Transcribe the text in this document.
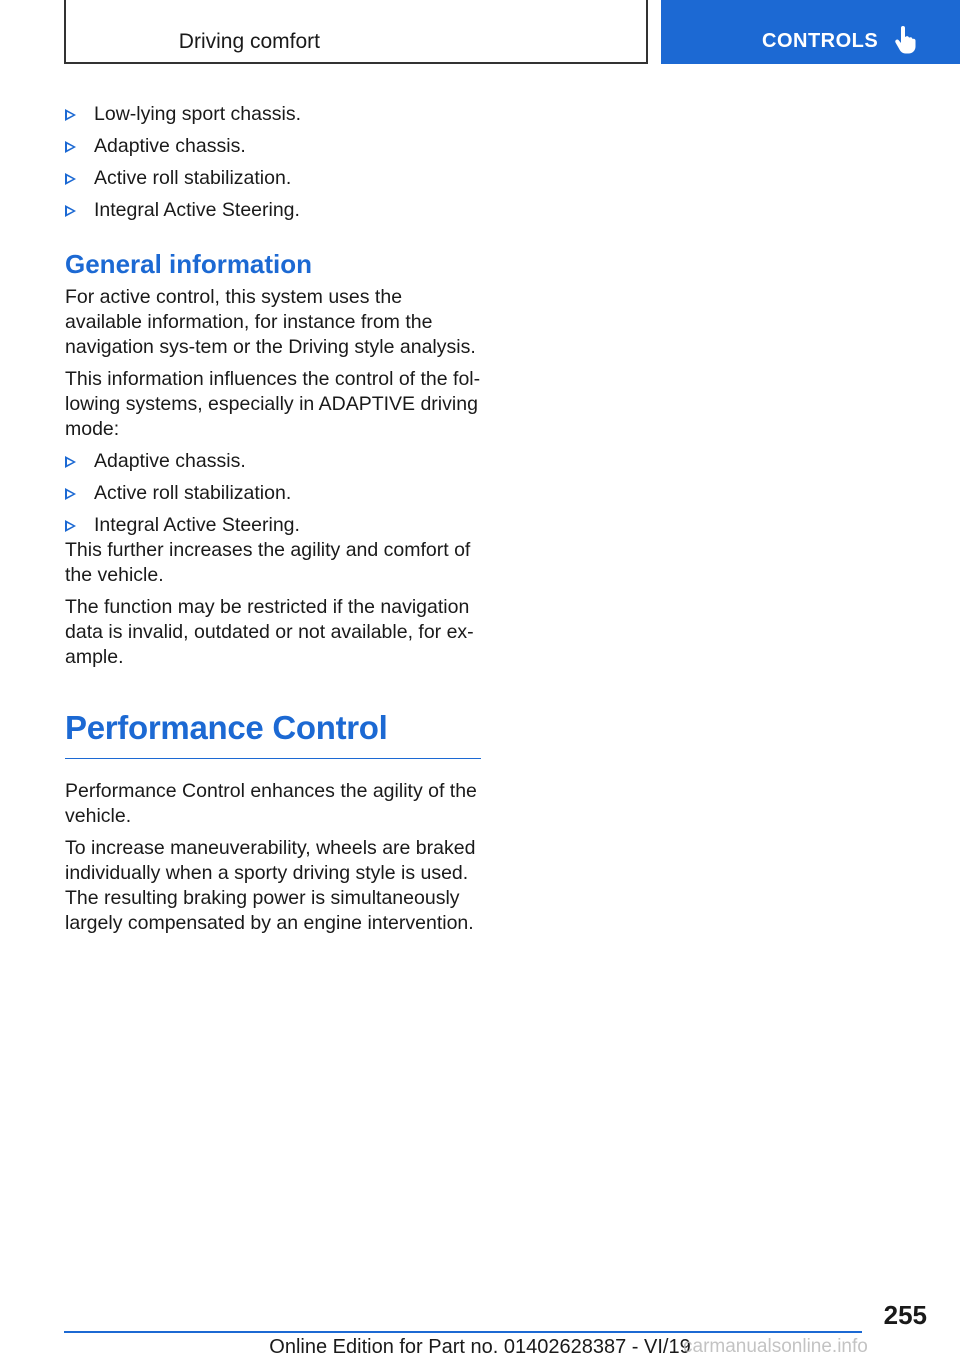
Driving comfort	CONTROLS
Low-lying sport chassis.
Adaptive chassis.
Active roll stabilization.
Integral Active Steering.
General information

For active control, this system uses the available information, for instance from the navigation sys-tem or the Driving style analysis.

This information influences the control of the fol-lowing systems, especially in ADAPTIVE driving mode:

Adaptive chassis.
Active roll stabilization.
Integral Active Steering.

This further increases the agility and comfort of the vehicle.

The function may be restricted if the navigation data is invalid, outdated or not available, for ex-ample.

Performance Control

Performance Control enhances the agility of the vehicle.

To increase maneuverability, wheels are braked individually when a sporty driving style is used. The resulting braking power is simultaneously largely compensated by an engine intervention.

255
Online Edition for Part no. 01402628387 - VI/19
carmanualsonline.info
